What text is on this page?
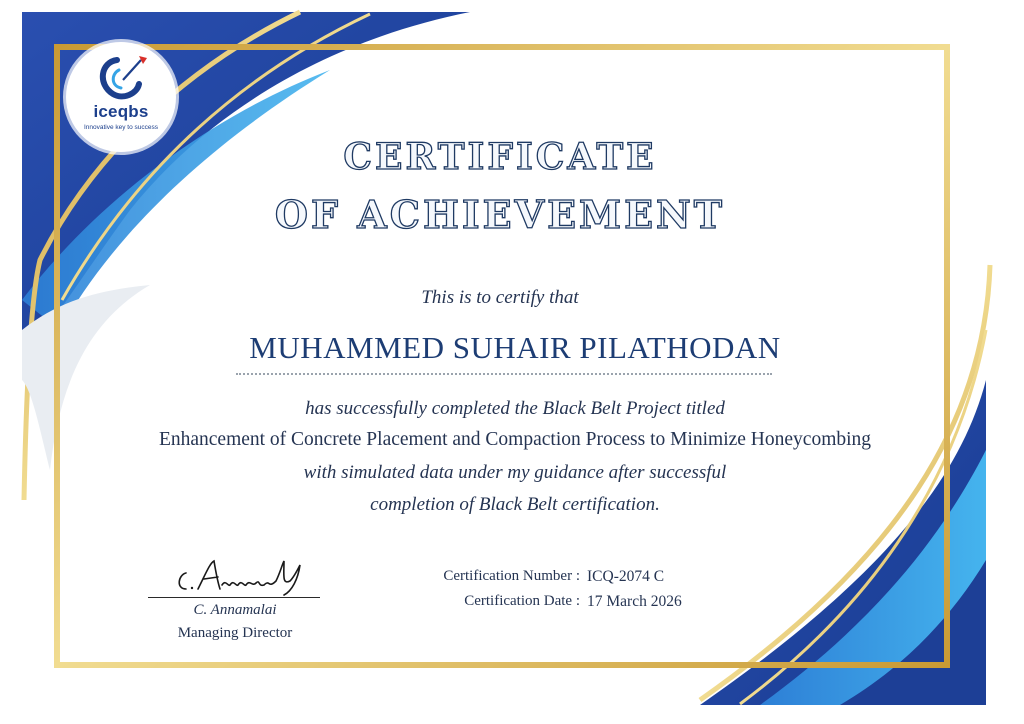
iceqbs
Innovative key to success
CERTIFICATE
OF ACHIEVEMENT
This is to certify that
MUHAMMED SUHAIR PILATHODAN
has successfully completed the Black Belt Project titled
Enhancement of Concrete Placement and Compaction Process to Minimize Honeycombing
with simulated data under my guidance after successful
completion of Black Belt certification.
C. Annamalai
Managing Director
Certification Number : ICQ-2074 C
Certification Date : 17 March 2026
